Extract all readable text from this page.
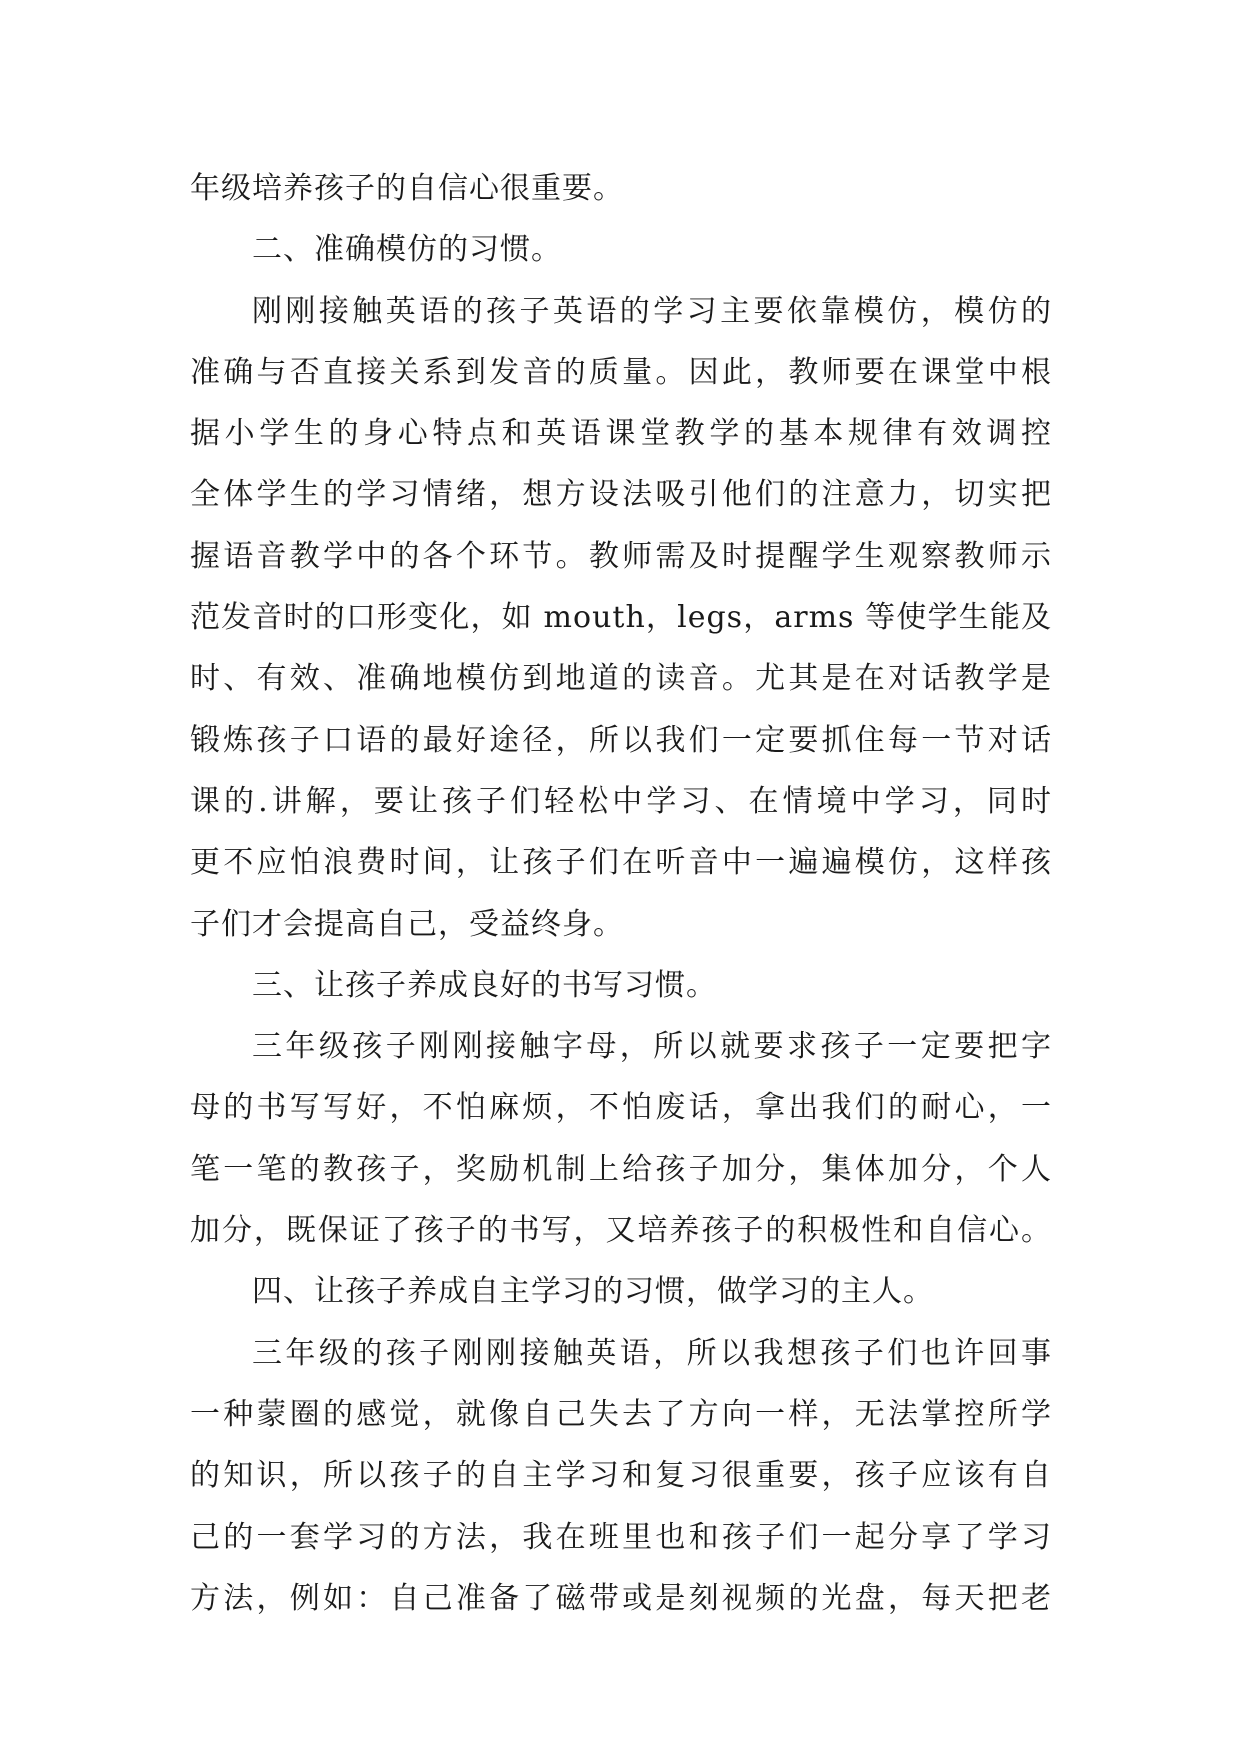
年级培养孩子的自信心很重要。
二、准确模仿的习惯。
刚刚接触英语的孩子英语的学习主要依靠模仿，模仿的
准确与否直接关系到发音的质量。因此，教师要在课堂中根
据小学生的身心特点和英语课堂教学的基本规律有效调控
全体学生的学习情绪，想方设法吸引他们的注意力，切实把
握语音教学中的各个环节。教师需及时提醒学生观察教师示
范发音时的口形变化，如 mouth，legs，arms 等使学生能及
时、有效、准确地模仿到地道的读音。尤其是在对话教学是
锻炼孩子口语的最好途径，所以我们一定要抓住每一节对话
课的.讲解，要让孩子们轻松中学习、在情境中学习，同时
更不应怕浪费时间，让孩子们在听音中一遍遍模仿，这样孩
子们才会提高自己，受益终身。
三、让孩子养成良好的书写习惯。
三年级孩子刚刚接触字母，所以就要求孩子一定要把字
母的书写写好，不怕麻烦，不怕废话，拿出我们的耐心，一
笔一笔的教孩子，奖励机制上给孩子加分，集体加分，个人
加分，既保证了孩子的书写，又培养孩子的积极性和自信心。
四、让孩子养成自主学习的习惯，做学习的主人。
三年级的孩子刚刚接触英语，所以我想孩子们也许回事
一种蒙圈的感觉，就像自己失去了方向一样，无法掌控所学
的知识，所以孩子的自主学习和复习很重要，孩子应该有自
己的一套学习的方法，我在班里也和孩子们一起分享了学习
方法，例如：自己准备了磁带或是刻视频的光盘，每天把老
